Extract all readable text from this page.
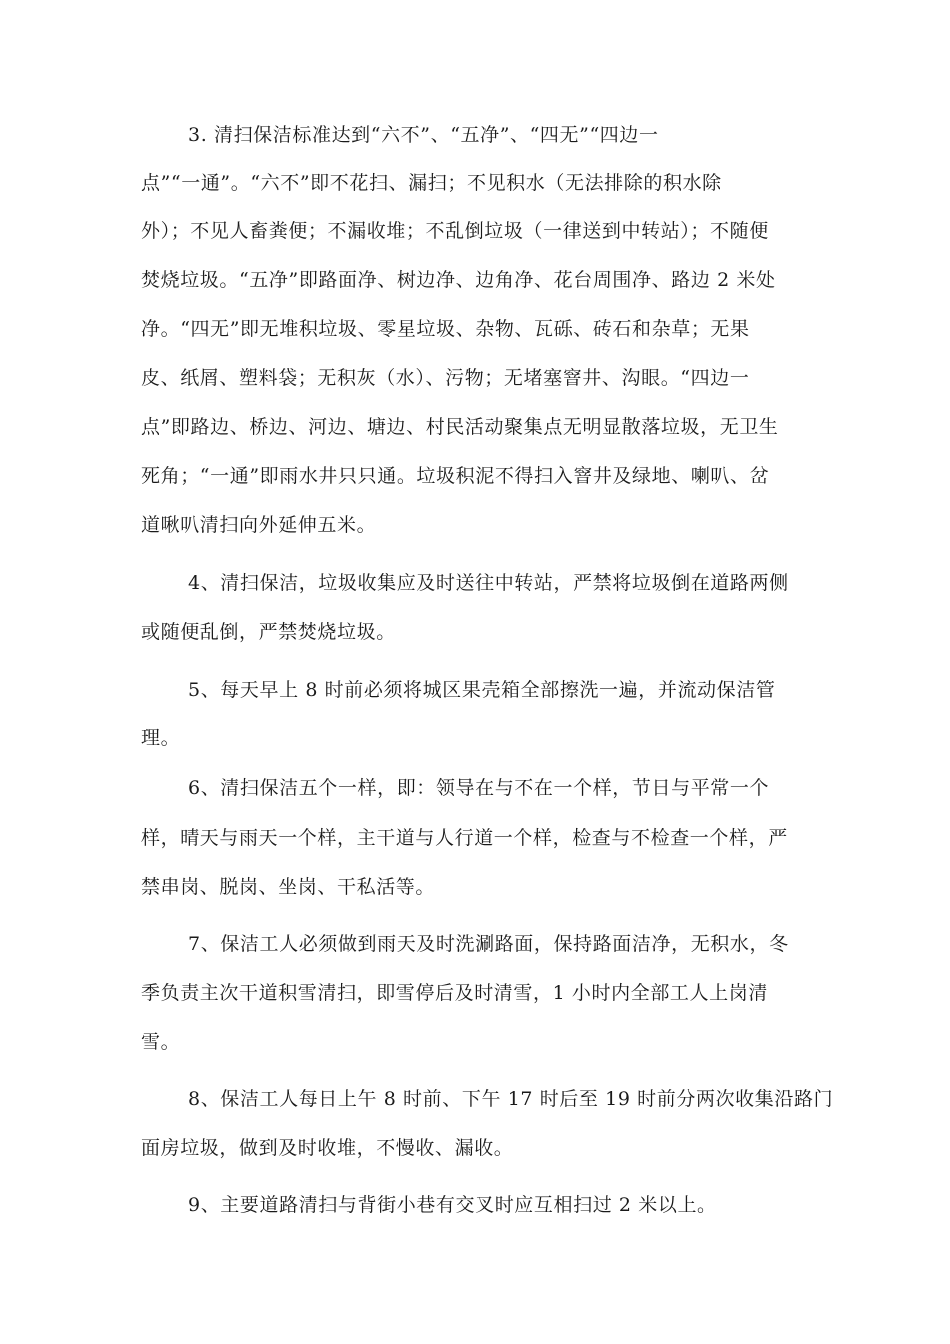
3. 清扫保洁标准达到“六不”、“五净”、“四无”“四边一
点”“一通”。“六不”即不花扫、漏扫；不见积水（无法排除的积水除
外）；不见人畜粪便；不漏收堆；不乱倒垃圾（一律送到中转站）；不随便
焚烧垃圾。“五净”即路面净、树边净、边角净、花台周围净、路边 2 米处
净。“四无”即无堆积垃圾、零星垃圾、杂物、瓦砾、砖石和杂草；无果
皮、纸屑、塑料袋；无积灰（水）、污物；无堵塞窨井、沟眼。“四边一
点”即路边、桥边、河边、塘边、村民活动聚集点无明显散落垃圾，无卫生
死角；“一通”即雨水井只只通。垃圾积泥不得扫入窨井及绿地、喇叭、岔
道啾叭清扫向外延伸五米。
4、清扫保洁，垃圾收集应及时送往中转站，严禁将垃圾倒在道路两侧
或随便乱倒，严禁焚烧垃圾。
5、每天早上 8 时前必须将城区果壳箱全部擦洗一遍，并流动保洁管
理。
6、清扫保洁五个一样，即：领导在与不在一个样，节日与平常一个
样，晴天与雨天一个样，主干道与人行道一个样，检查与不检查一个样，严
禁串岗、脱岗、坐岗、干私活等。
7、保洁工人必须做到雨天及时洗涮路面，保持路面洁净，无积水，冬
季负责主次干道积雪清扫，即雪停后及时清雪，1 小时内全部工人上岗清
雪。
8、保洁工人每日上午 8 时前、下午 17 时后至 19 时前分两次收集沿路门
面房垃圾，做到及时收堆，不慢收、漏收。
9、主要道路清扫与背街小巷有交叉时应互相扫过 2 米以上。
